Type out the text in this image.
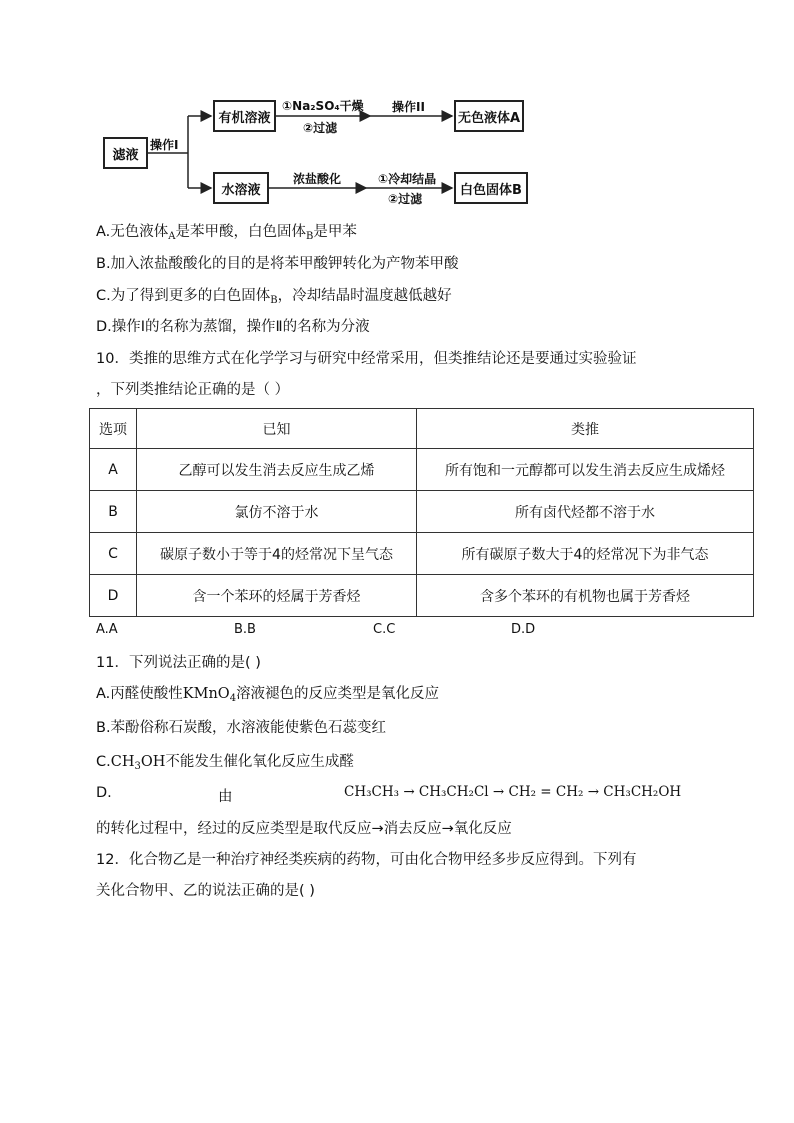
滤液
操作I
有机溶液
水溶液
①Na₂SO₄干燥
②过滤
操作II
无色液体A
浓盐酸化	①冷却结晶
②过滤
白色固体B
A.无色液体$_A$是苯甲酸，白色固体$_B$是甲苯
B.加入浓盐酸酸化的目的是将苯甲酸钾转化为产物苯甲酸
C.为了得到更多的白色固体$_B$，冷却结晶时温度越低越好
D.操作Ⅰ的名称为蒸馏，操作Ⅱ的名称为分液
10．类推的思维方式在化学学习与研究中经常采用，但类推结论还是要通过实验验证
，下列类推结论正确的是（ ）
选项	已知	类推
A	乙醇可以发生消去反应生成乙烯	所有饱和一元醇都可以发生消去反应生成烯烃
B	氯仿不溶于水	所有卤代烃都不溶于水
C	碳原子数小于等于4的烃常况下呈气态	所有碳原子数大于4的烃常况下为非气态
D	含一个苯环的烃属于芳香烃	含多个苯环的有机物也属于芳香烃
A.A	B.B	C.C	D.D
11．下列说法正确的是( )
A.丙醛使酸性KMnO$_4$溶液褪色的反应类型是氧化反应
B.苯酚俗称石炭酸，水溶液能使紫色石蕊变红
$C.CH_3OH$不能发生催化氧化反应生成醛
D.	由	CH₃CH₃ → CH₃CH₂Cl → CH₂ = CH₂ → CH₃CH₂OH
的转化过程中，经过的反应类型是取代反应→消去反应→氧化反应
12．化合物乙是一种治疗神经类疾病的药物，可由化合物甲经多步反应得到。下列有
关化合物甲、乙的说法正确的是( )
